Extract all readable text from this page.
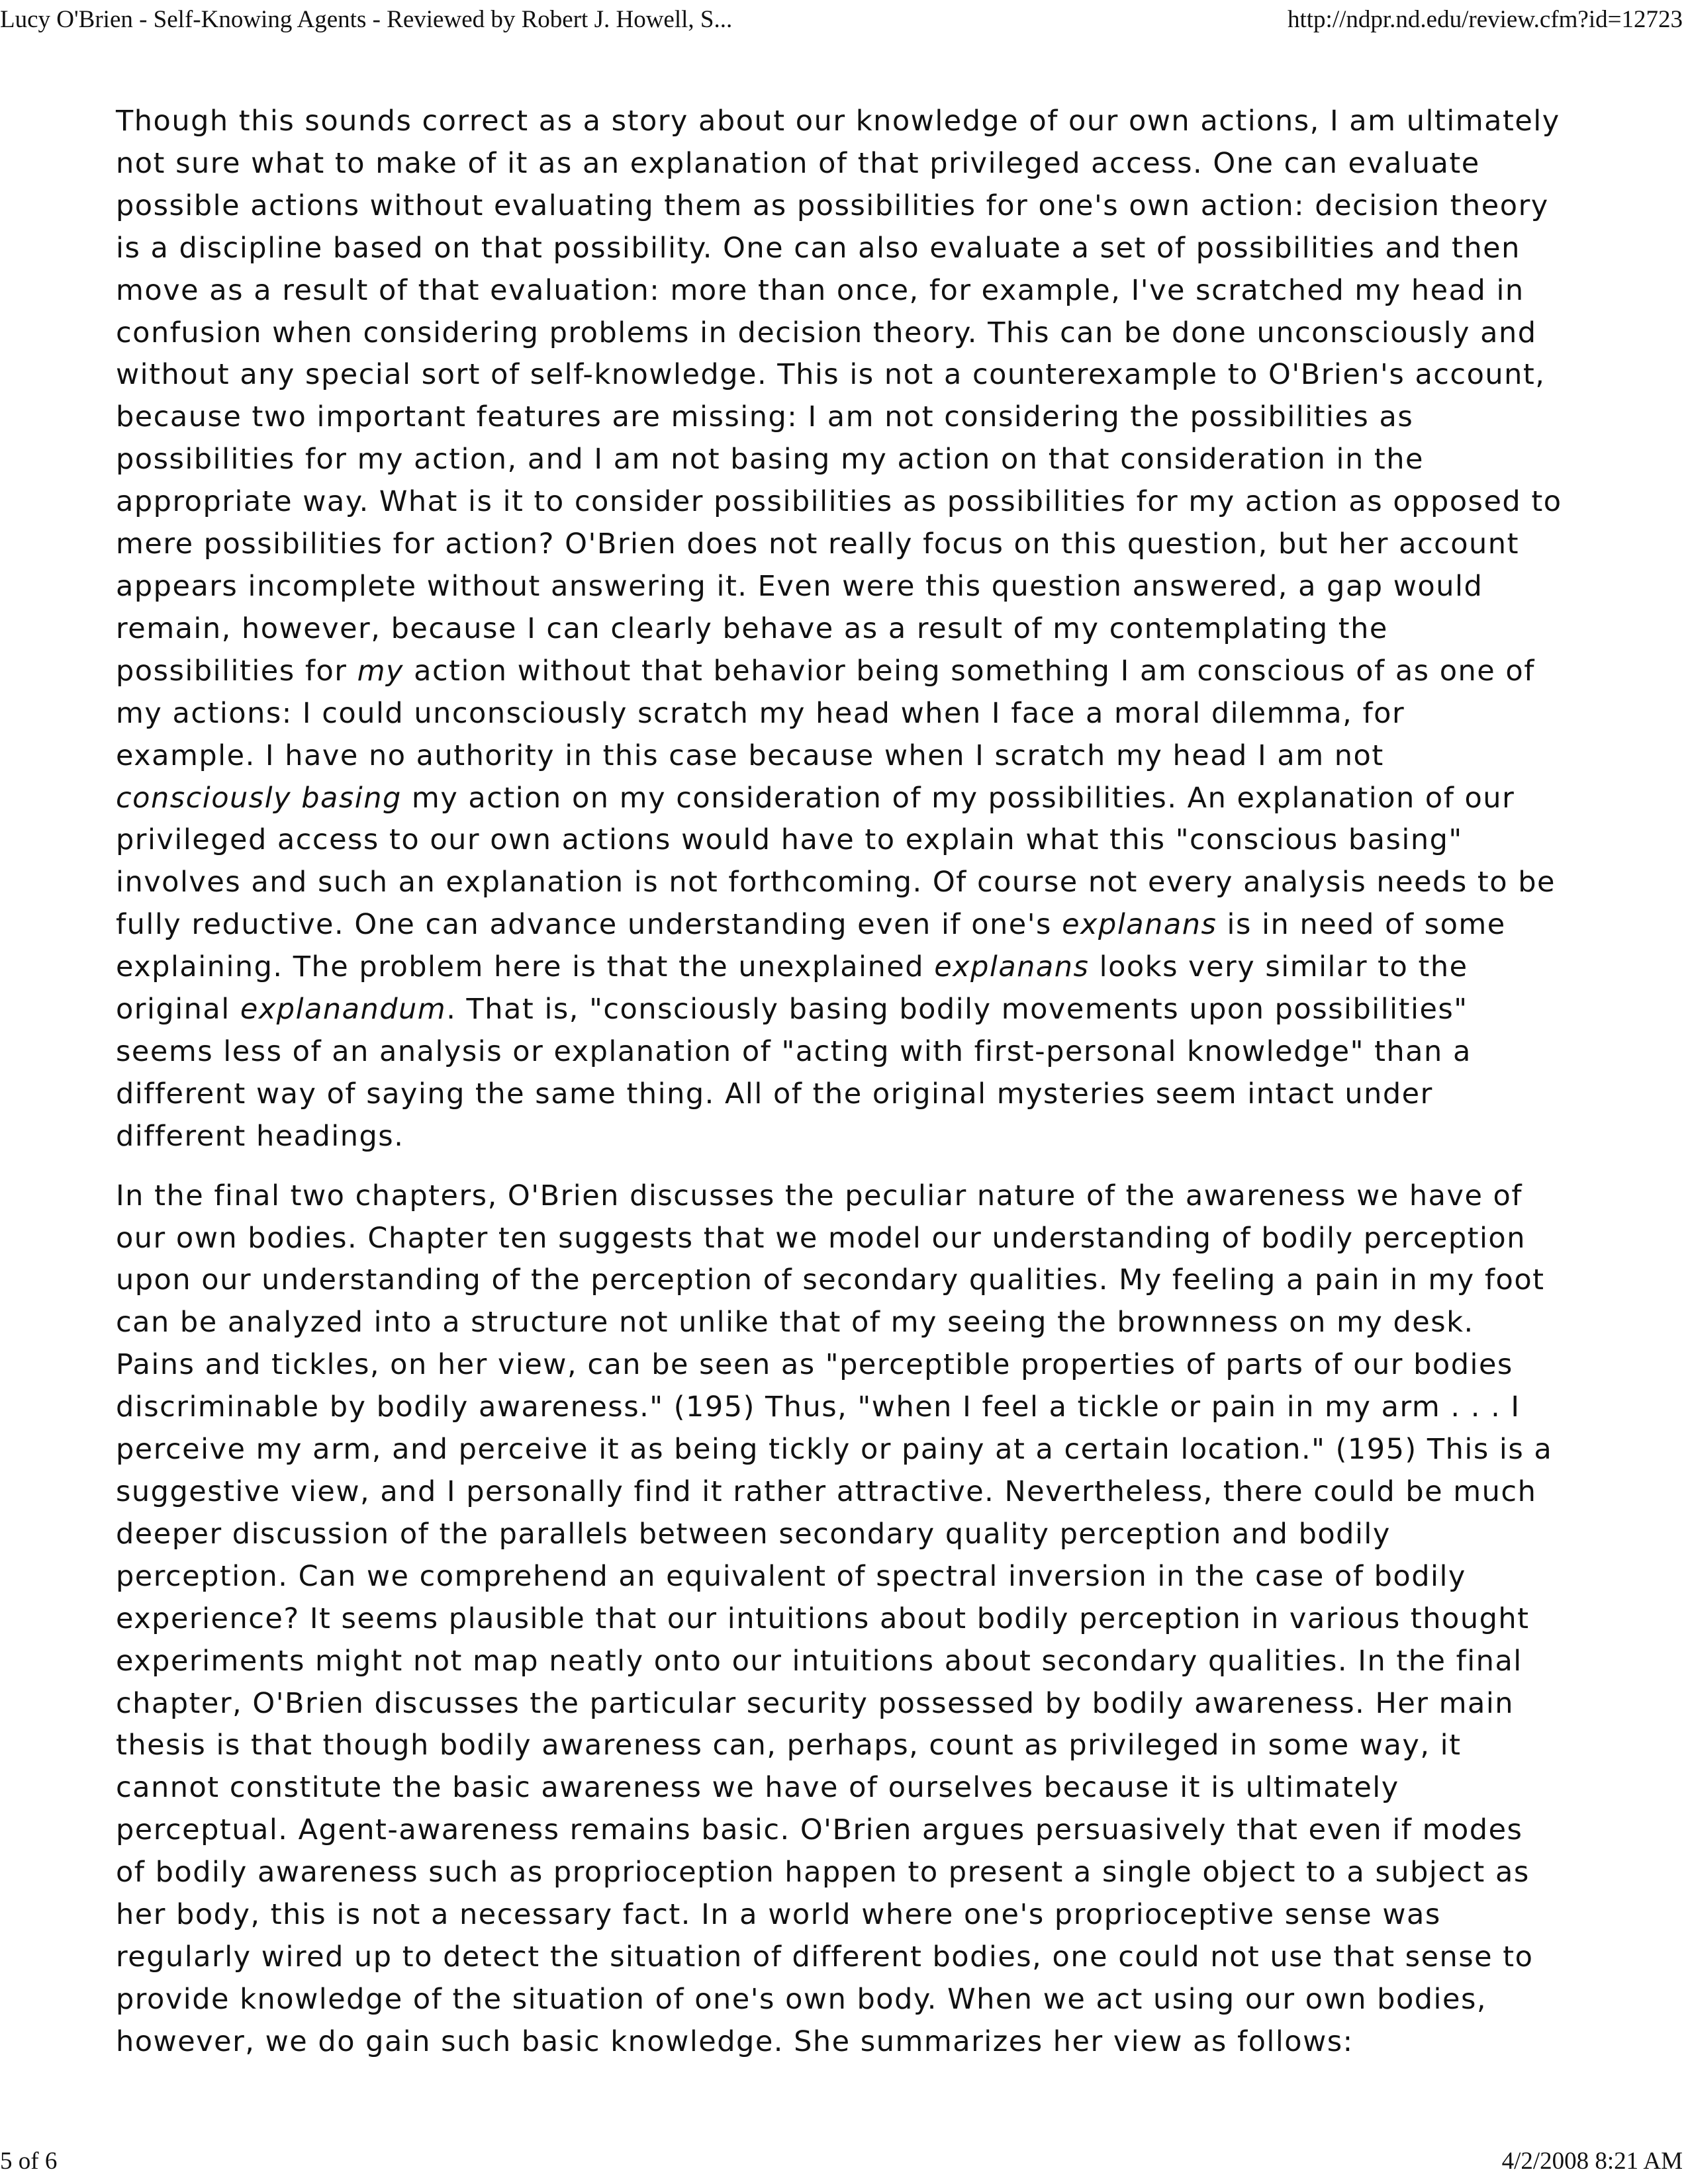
Lucy O'Brien - Self-Knowing Agents - Reviewed by Robert J. Howell, S...	http://ndpr.nd.edu/review.cfm?id=12723

Though this sounds correct as a story about our knowledge of our own actions, I am ultimately
not sure what to make of it as an explanation of that privileged access. One can evaluate
possible actions without evaluating them as possibilities for one's own action: decision theory
is a discipline based on that possibility. One can also evaluate a set of possibilities and then
move as a result of that evaluation: more than once, for example, I've scratched my head in
confusion when considering problems in decision theory. This can be done unconsciously and
without any special sort of self-knowledge. This is not a counterexample to O'Brien's account,
because two important features are missing: I am not considering the possibilities as
possibilities for my action, and I am not basing my action on that consideration in the
appropriate way. What is it to consider possibilities as possibilities for my action as opposed to
mere possibilities for action? O'Brien does not really focus on this question, but her account
appears incomplete without answering it. Even were this question answered, a gap would
remain, however, because I can clearly behave as a result of my contemplating the
possibilities for my action without that behavior being something I am conscious of as one of
my actions: I could unconsciously scratch my head when I face a moral dilemma, for
example. I have no authority in this case because when I scratch my head I am not
consciously basing my action on my consideration of my possibilities. An explanation of our
privileged access to our own actions would have to explain what this "conscious basing"
involves and such an explanation is not forthcoming. Of course not every analysis needs to be
fully reductive. One can advance understanding even if one's explanans is in need of some
explaining. The problem here is that the unexplained explanans looks very similar to the
original explanandum. That is, "consciously basing bodily movements upon possibilities"
seems less of an analysis or explanation of "acting with first-personal knowledge" than a
different way of saying the same thing. All of the original mysteries seem intact under
different headings.

In the final two chapters, O'Brien discusses the peculiar nature of the awareness we have of
our own bodies. Chapter ten suggests that we model our understanding of bodily perception
upon our understanding of the perception of secondary qualities. My feeling a pain in my foot
can be analyzed into a structure not unlike that of my seeing the brownness on my desk.
Pains and tickles, on her view, can be seen as "perceptible properties of parts of our bodies
discriminable by bodily awareness." (195) Thus, "when I feel a tickle or pain in my arm . . . I
perceive my arm, and perceive it as being tickly or painy at a certain location." (195) This is a
suggestive view, and I personally find it rather attractive. Nevertheless, there could be much
deeper discussion of the parallels between secondary quality perception and bodily
perception. Can we comprehend an equivalent of spectral inversion in the case of bodily
experience? It seems plausible that our intuitions about bodily perception in various thought
experiments might not map neatly onto our intuitions about secondary qualities. In the final
chapter, O'Brien discusses the particular security possessed by bodily awareness. Her main
thesis is that though bodily awareness can, perhaps, count as privileged in some way, it
cannot constitute the basic awareness we have of ourselves because it is ultimately
perceptual. Agent-awareness remains basic. O'Brien argues persuasively that even if modes
of bodily awareness such as proprioception happen to present a single object to a subject as
her body, this is not a necessary fact. In a world where one's proprioceptive sense was
regularly wired up to detect the situation of different bodies, one could not use that sense to
provide knowledge of the situation of one's own body. When we act using our own bodies,
however, we do gain such basic knowledge. She summarizes her view as follows:

5 of 6	4/2/2008 8:21 AM
